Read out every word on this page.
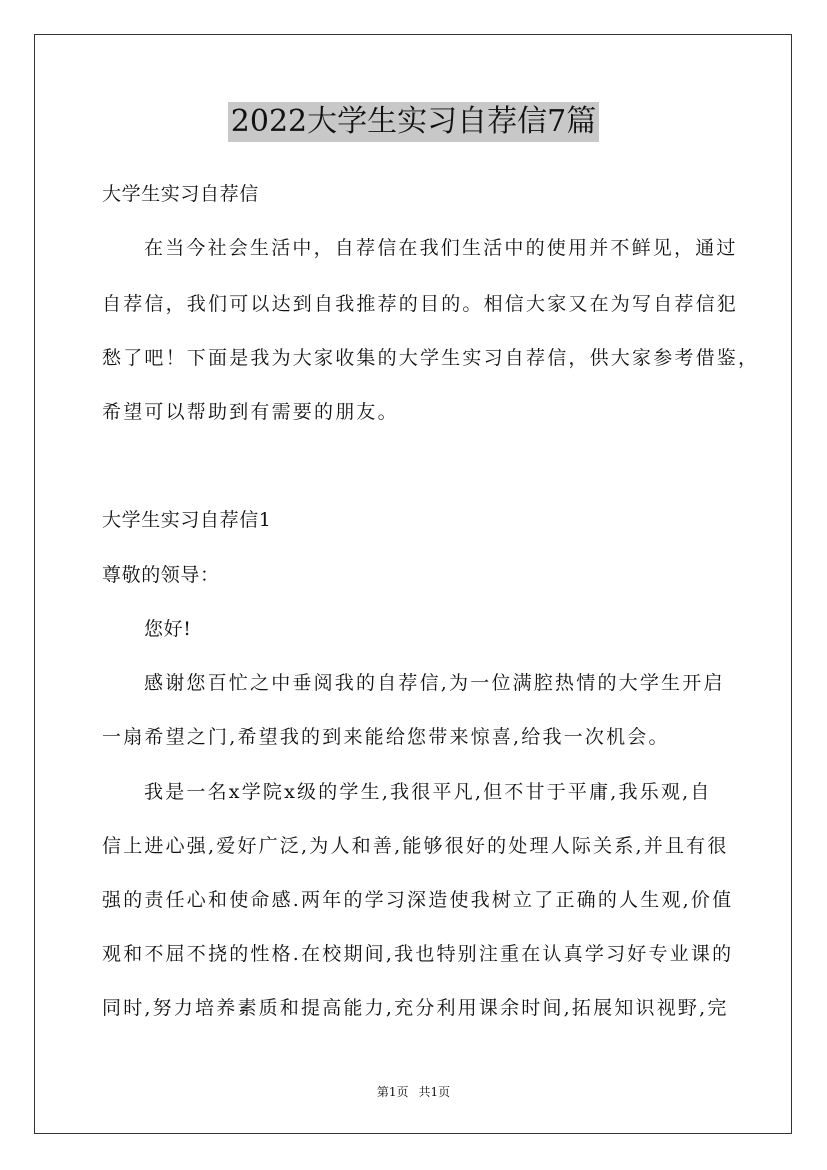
2022大学生实习自荐信7篇
大学生实习自荐信
在当今社会生活中，自荐信在我们生活中的使用并不鲜见，通过
自荐信，我们可以达到自我推荐的目的。相信大家又在为写自荐信犯
愁了吧！下面是我为大家收集的大学生实习自荐信，供大家参考借鉴，
希望可以帮助到有需要的朋友。
大学生实习自荐信1
尊敬的领导：
您好!
感谢您百忙之中垂阅我的自荐信,为一位满腔热情的大学生开启
一扇希望之门,希望我的到来能给您带来惊喜,给我一次机会。
我是一名x学院x级的学生,我很平凡,但不甘于平庸,我乐观,自
信上进心强,爱好广泛,为人和善,能够很好的处理人际关系,并且有很
强的责任心和使命感.两年的学习深造使我树立了正确的人生观,价值
观和不屈不挠的性格.在校期间,我也特别注重在认真学习好专业课的
同时,努力培养素质和提高能力,充分利用课余时间,拓展知识视野,完
第1页 共1页
